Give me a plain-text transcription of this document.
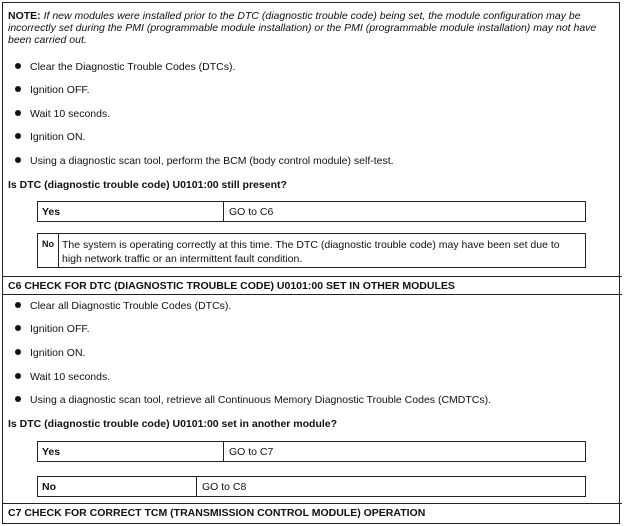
NOTE: If new modules were installed prior to the DTC (diagnostic trouble code) being set, the module configuration may be incorrectly set during the PMI (programmable module installation) or the PMI (programmable module installation) may not have been carried out.
Clear the Diagnostic Trouble Codes (DTCs).
Ignition OFF.
Wait 10 seconds.
Ignition ON.
Using a diagnostic scan tool, perform the BCM (body control module) self-test.
Is DTC (diagnostic trouble code) U0101:00 still present?
Yes	GO to C6
No The system is operating correctly at this time. The DTC (diagnostic trouble code) may have been set due to high network traffic or an intermittent fault condition.
C6 CHECK FOR DTC (DIAGNOSTIC TROUBLE CODE) U0101:00 SET IN OTHER MODULES
Clear all Diagnostic Trouble Codes (DTCs).
Ignition OFF.
Ignition ON.
Wait 10 seconds.
Using a diagnostic scan tool, retrieve all Continuous Memory Diagnostic Trouble Codes (CMDTCs).
Is DTC (diagnostic trouble code) U0101:00 set in another module?
Yes	GO to C7
No	GO to C8
C7 CHECK FOR CORRECT TCM (TRANSMISSION CONTROL MODULE) OPERATION
